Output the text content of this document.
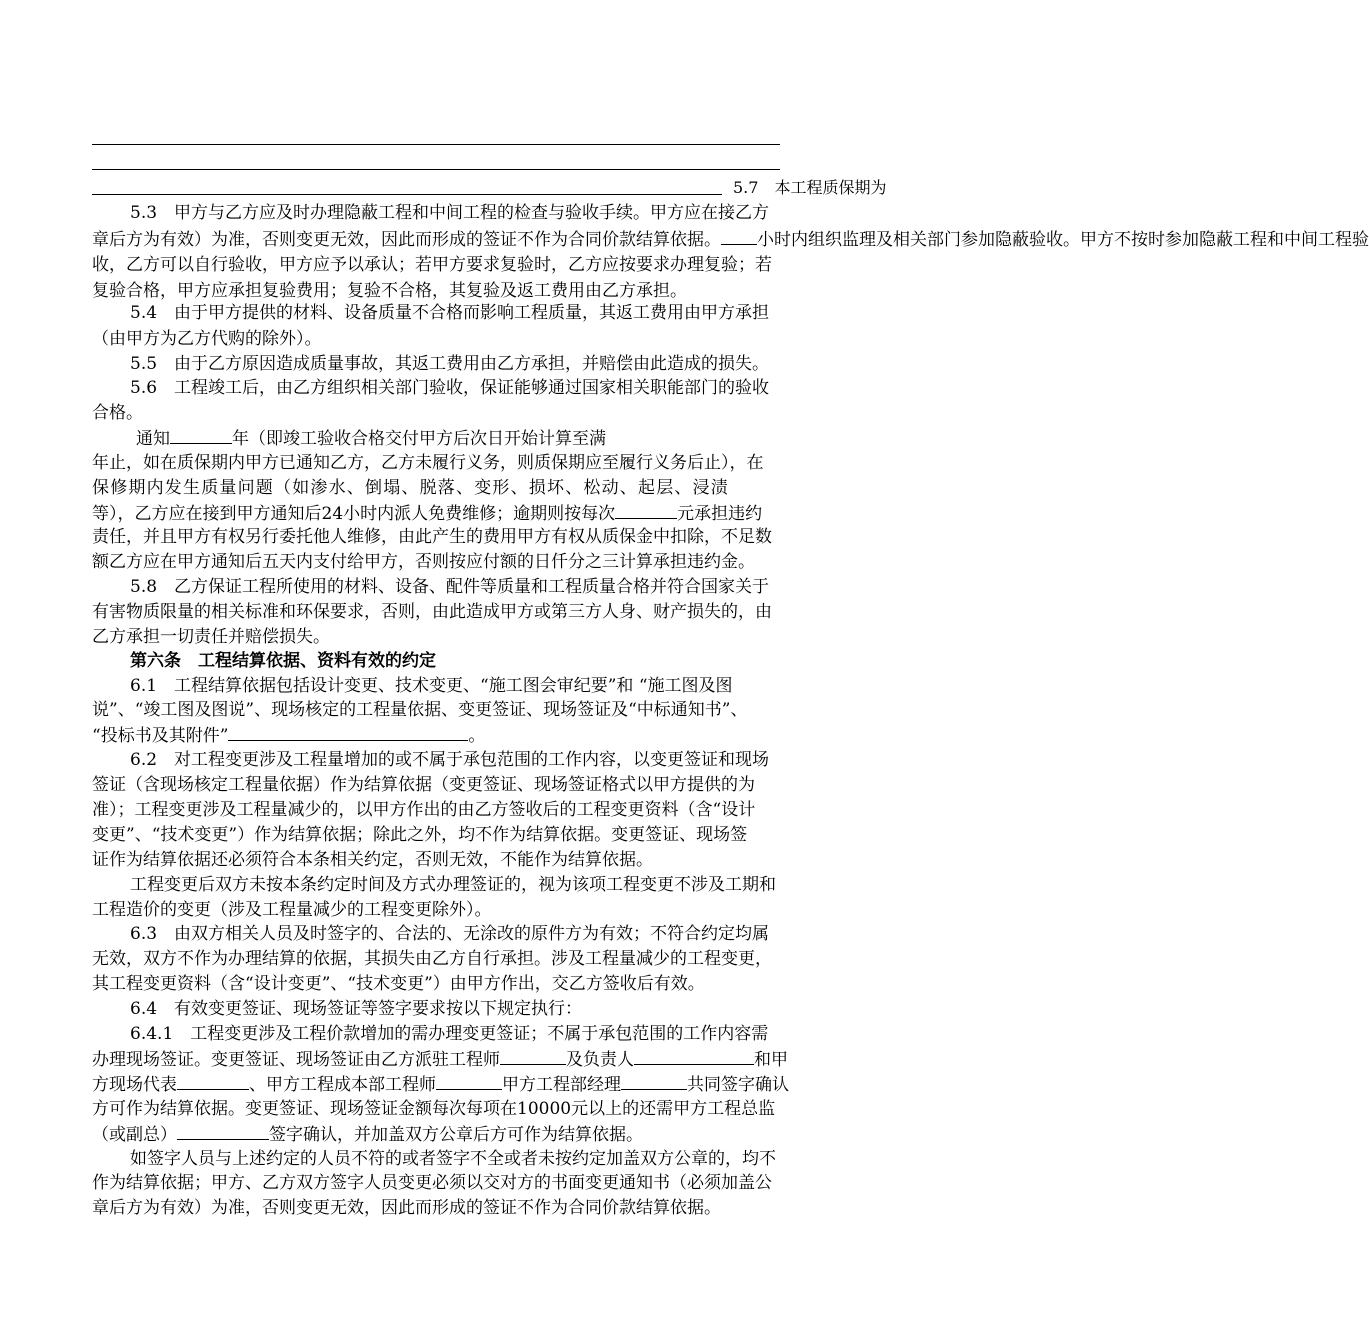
5.7　本工程质保期为
5.3　甲方与乙方应及时办理隐蔽工程和中间工程的检查与验收手续。甲方应在接乙方
章后方为有效）为准，否则变更无效，因此而形成的签证不作为合同价款结算依据。 小时内组织监理及相关部门参加隐蔽验收。甲方不按时参加隐蔽工程和中间工程验
收，乙方可以自行验收，甲方应予以承认；若甲方要求复验时，乙方应按要求办理复验；若
复验合格，甲方应承担复验费用；复验不合格，其复验及返工费用由乙方承担。
5.4　由于甲方提供的材料、设备质量不合格而影响工程质量，其返工费用由甲方承担
（由甲方为乙方代购的除外）。
5.5　由于乙方原因造成质量事故，其返工费用由乙方承担，并赔偿由此造成的损失。
5.6　工程竣工后，由乙方组织相关部门验收，保证能够通过国家相关职能部门的验收
合格。
通知	年（即竣工验收合格交付甲方后次日开始计算至满
年止，如在质保期内甲方已通知乙方，乙方未履行义务，则质保期应至履行义务后止），在
保修期内发生质量问题（如渗水、倒塌、脱落、变形、损坏、松动、起层、浸渍
等），乙方应在接到甲方通知后24小时内派人免费维修；逾期则按每次	元承担违约
责任，并且甲方有权另行委托他人维修，由此产生的费用甲方有权从质保金中扣除，不足数
额乙方应在甲方通知后五天内支付给甲方，否则按应付额的日仟分之三计算承担违约金。
5.8　乙方保证工程所使用的材料、设备、配件等质量和工程质量合格并符合国家关于
有害物质限量的相关标准和环保要求，否则，由此造成甲方或第三方人身、财产损失的，由
乙方承担一切责任并赔偿损失。
第六条　工程结算依据、资料有效的约定
6.1　工程结算依据包括设计变更、技术变更、“施工图会审纪要”和 “施工图及图
说”、“竣工图及图说”、现场核定的工程量依据、变更签证、现场签证及“中标通知书”、
“投标书及其附件”	。
6.2　对工程变更涉及工程量增加的或不属于承包范围的工作内容，以变更签证和现场
签证（含现场核定工程量依据）作为结算依据（变更签证、现场签证格式以甲方提供的为
准）；工程变更涉及工程量减少的，以甲方作出的由乙方签收后的工程变更资料（含“设计
变更”、“技术变更”）作为结算依据；除此之外，均不作为结算依据。变更签证、现场签
证作为结算依据还必须符合本条相关约定，否则无效，不能作为结算依据。
工程变更后双方未按本条约定时间及方式办理签证的，视为该项工程变更不涉及工期和
工程造价的变更（涉及工程量减少的工程变更除外）。
6.3　由双方相关人员及时签字的、合法的、无涂改的原件方为有效；不符合约定均属
无效，双方不作为办理结算的依据，其损失由乙方自行承担。涉及工程量减少的工程变更，
其工程变更资料（含“设计变更”、“技术变更”）由甲方作出，交乙方签收后有效。
6.4　有效变更签证、现场签证等签字要求按以下规定执行：
6.4.1　工程变更涉及工程价款增加的需办理变更签证；不属于承包范围的工作内容需
办理现场签证。变更签证、现场签证由乙方派驻工程师	及负责人	和甲
方现场代表	、甲方工程成本部工程师	甲方工程部经理	共同签字确认
方可作为结算依据。变更签证、现场签证金额每次每项在10000元以上的还需甲方工程总监
（或副总）	签字确认，并加盖双方公章后方可作为结算依据。
如签字人员与上述约定的人员不符的或者签字不全或者未按约定加盖双方公章的，均不
作为结算依据；甲方、乙方双方签字人员变更必须以交对方的书面变更通知书（必须加盖公
章后方为有效）为准，否则变更无效，因此而形成的签证不作为合同价款结算依据。
